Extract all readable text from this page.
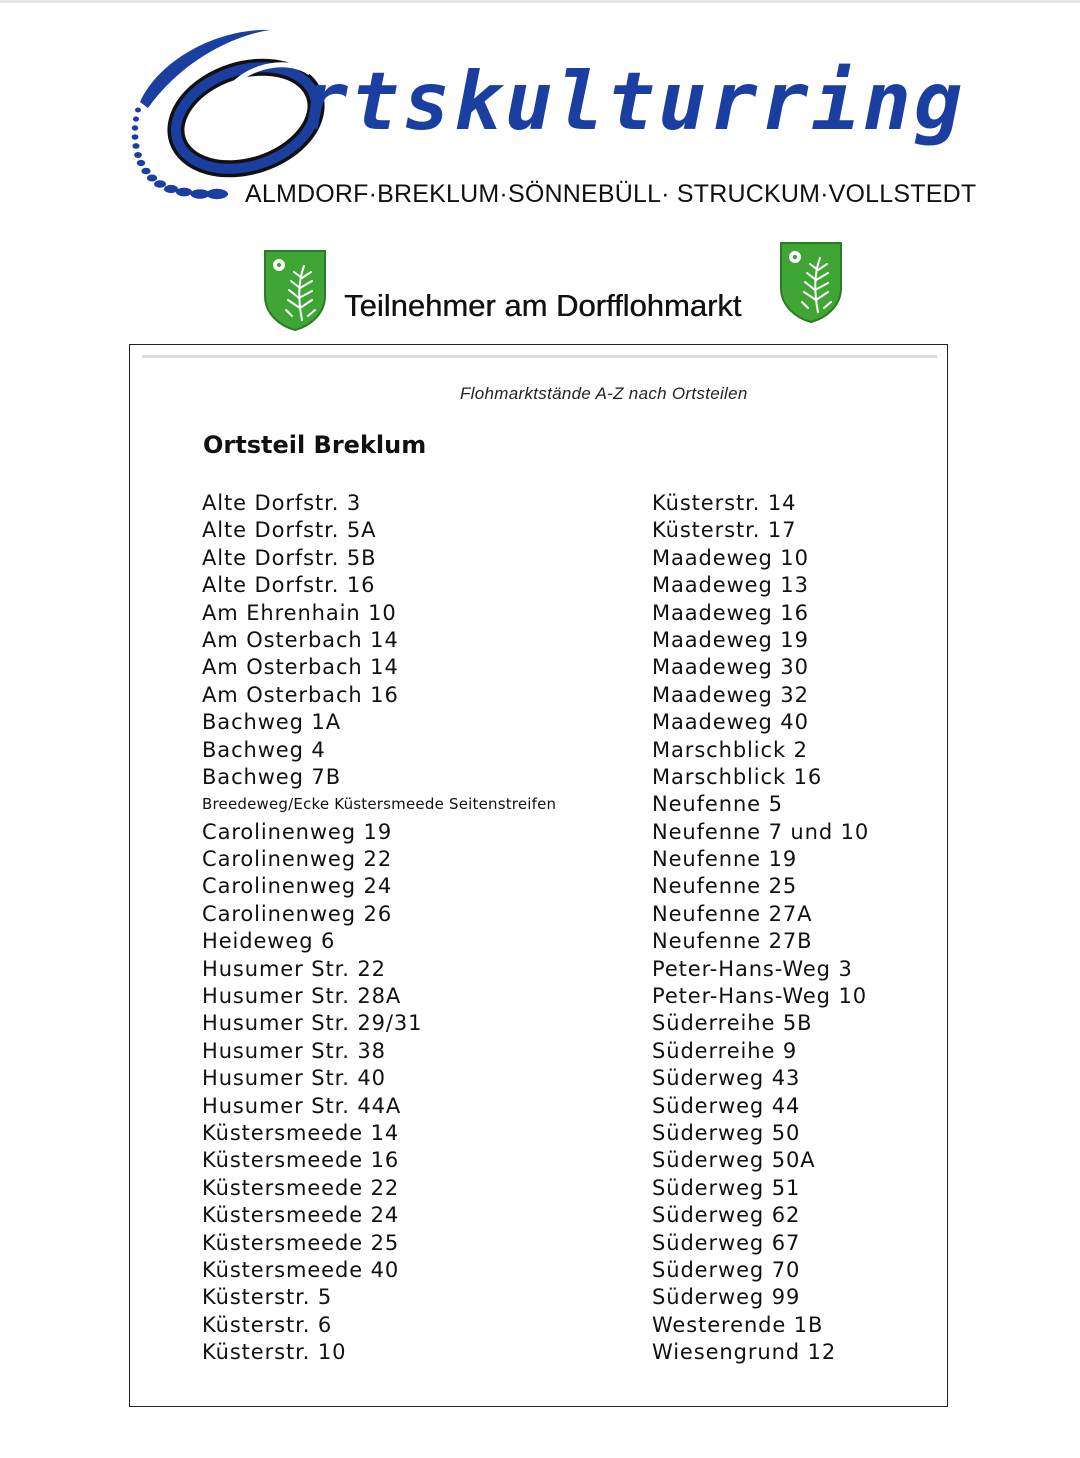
rtskulturring
ALMDORF·BREKLUM·SÖNNEBÜLL· STRUCKUM·VOLLSTEDT
Teilnehmer am Dorfflohmarkt
Flohmarktstände A-Z nach Ortsteilen
Ortsteil Breklum
Alte Dorfstr. 3
Alte Dorfstr. 5A
Alte Dorfstr. 5B
Alte Dorfstr. 16
Am Ehrenhain 10
Am Osterbach 14
Am Osterbach 14
Am Osterbach 16
Bachweg 1A
Bachweg 4
Bachweg 7B
Breedeweg/Ecke Küstersmeede Seitenstreifen
Carolinenweg 19
Carolinenweg 22
Carolinenweg 24
Carolinenweg 26
Heideweg 6
Husumer Str. 22
Husumer Str. 28A
Husumer Str. 29/31
Husumer Str. 38
Husumer Str. 40
Husumer Str. 44A
Küstersmeede 14
Küstersmeede 16
Küstersmeede 22
Küstersmeede 24
Küstersmeede 25
Küstersmeede 40
Küsterstr. 5
Küsterstr. 6
Küsterstr. 10
Küsterstr. 14
Küsterstr. 17
Maadeweg 10
Maadeweg 13
Maadeweg 16
Maadeweg 19
Maadeweg 30
Maadeweg 32
Maadeweg 40
Marschblick 2
Marschblick 16
Neufenne 5
Neufenne 7 und 10
Neufenne 19
Neufenne 25
Neufenne 27A
Neufenne 27B
Peter-Hans-Weg 3
Peter-Hans-Weg 10
Süderreihe 5B
Süderreihe 9
Süderweg 43
Süderweg 44
Süderweg 50
Süderweg 50A
Süderweg 51
Süderweg 62
Süderweg 67
Süderweg 70
Süderweg 99
Westerende 1B
Wiesengrund 12
